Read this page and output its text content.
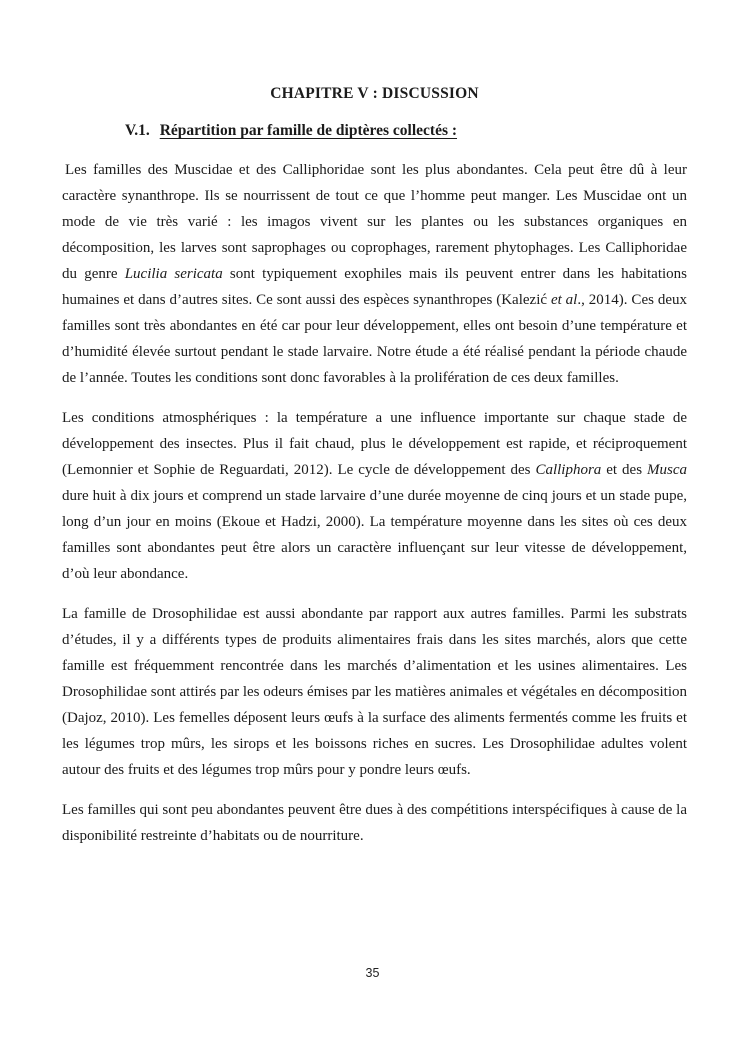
CHAPITRE V : DISCUSSION
V.1. Répartition par famille de diptères collectés :

Les familles des Muscidae et des Calliphoridae sont les plus abondantes. Cela peut être dû à leur caractère synanthrope. Ils se nourrissent de tout ce que l’homme peut manger. Les Muscidae ont un mode de vie très varié : les imagos vivent sur les plantes ou les substances organiques en décomposition, les larves sont saprophages ou coprophages, rarement phytophages. Les Calliphoridae du genre Lucilia sericata sont typiquement exophiles mais ils peuvent entrer dans les habitations humaines et dans d’autres sites. Ce sont aussi des espèces synanthropes (Kalezić et al., 2014). Ces deux familles sont très abondantes en été car pour leur développement, elles ont besoin d’une température et d’humidité élevée surtout pendant le stade larvaire. Notre étude a été réalisé pendant la période chaude de l’année. Toutes les conditions sont donc favorables à la prolifération de ces deux familles.

Les conditions atmosphériques : la température a une influence importante sur chaque stade de développement des insectes. Plus il fait chaud, plus le développement est rapide, et réciproquement (Lemonnier et Sophie de Reguardati, 2012). Le cycle de développement des Calliphora et des Musca dure huit à dix jours et comprend un stade larvaire d’une durée moyenne de cinq jours et un stade pupe, long d’un jour en moins (Ekoue et Hadzi, 2000). La température moyenne dans les sites où ces deux familles sont abondantes peut être alors un caractère influençant sur leur vitesse de développement, d’où leur abondance.

La famille de Drosophilidae est aussi abondante par rapport aux autres familles. Parmi les substrats d’études, il y a différents types de produits alimentaires frais dans les sites marchés, alors que cette famille est fréquemment rencontrée dans les marchés d’alimentation et les usines alimentaires. Les Drosophilidae sont attirés par les odeurs émises par les matières animales et végétales en décomposition (Dajoz, 2010). Les femelles déposent leurs œufs à la surface des aliments fermentés comme les fruits et les légumes trop mûrs, les sirops et les boissons riches en sucres. Les Drosophilidae adultes volent autour des fruits et des légumes trop mûrs pour y pondre leurs œufs.

Les familles qui sont peu abondantes peuvent être dues à des compétitions interspécifiques à cause de la disponibilité restreinte d’habitats ou de nourriture.

35
